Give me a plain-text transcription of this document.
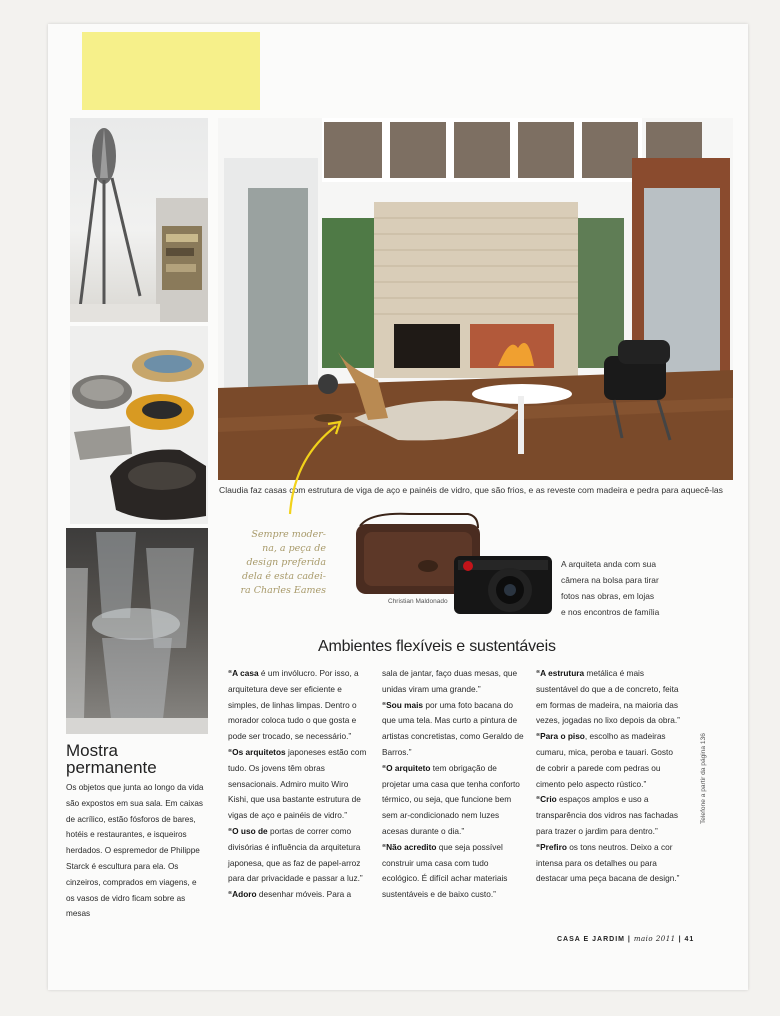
Claudia faz casas com estrutura de viga de aço e painéis de vidro, que são frios, e as reveste com madeira e pedra para aquecê-las
Sempre moder-
na, a peça de
design preferida
dela é esta cadei-
ra Charles Eames
Christian Maldonado
A arquiteta anda com sua
câmera na bolsa para tirar
fotos nas obras, em lojas
e nos encontros de família
Ambientes flexíveis e sustentáveis

“A casa é um invólucro. Por isso, a arquitetura deve ser eficiente e simples, de linhas limpas. Dentro o morador coloca tudo o que gosta e pode ser trocado, se necessário.”

“Os arquitetos japoneses estão com tudo. Os jovens têm obras sensacionais. Admiro muito Wiro Kishi, que usa bastante estrutura de vigas de aço e painéis de vidro.”

“O uso de portas de correr como divisórias é influência da arquitetura japonesa, que as faz de papel-arroz para dar privacidade e passar a luz.”

“Adoro desenhar móveis. Para a

sala de jantar, faço duas mesas, que unidas viram uma grande.”

“Sou mais por uma foto bacana do que uma tela. Mas curto a pintura de artistas concretistas, como Geraldo de Barros.”

“O arquiteto tem obrigação de projetar uma casa que tenha conforto térmico, ou seja, que funcione bem sem ar-condicionado nem luzes acesas durante o dia.”

“Não acredito que seja possível construir uma casa com tudo ecológico. É difícil achar materiais sustentáveis e de baixo custo.”

“A estrutura metálica é mais sustentável do que a de concreto, feita em formas de madeira, na maioria das vezes, jogadas no lixo depois da obra.”

“Para o piso, escolho as madeiras cumaru, mica, peroba e tauari. Gosto de cobrir a parede com pedras ou cimento pelo aspecto rústico.”

“Crio espaços amplos e uso a transparência dos vidros nas fachadas para trazer o jardim para dentro.”

“Prefiro os tons neutros. Deixo a cor intensa para os detalhes ou para destacar uma peça bacana de design.”

Mostra
permanente
Os objetos que junta ao longo da vida são expostos em sua sala. Em caixas de acrílico, estão fósforos de bares, hotéis e restaurantes, e isqueiros herdados. O espremedor de Philippe Starck é escultura para ela. Os cinzeiros, comprados em viagens, e os vasos de vidro ficam sobre as mesas
Telefone a partir da página 136
CASA E JARDIM | maio 2011 | 41
